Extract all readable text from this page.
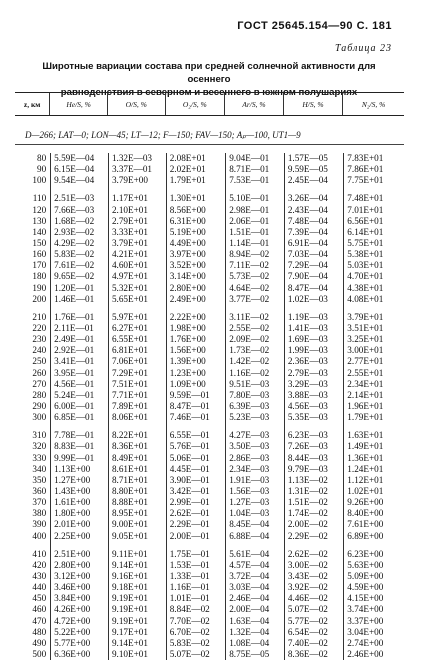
ГОСТ 25645.154—90 С. 181
Таблица 23
Широтные вариации состава при средней солнечной активности для осеннего
равноденствия в северном и весеннего в южном полушариях
z, км	He/S, %	O/S, %	O₂/S, %	Ar/S, %	H/S, %	N₂/S, %
D—266; LAT—0; LON—45; LT—12; F—150; FAV—150; Aₚ—100, UT1—9
80	5.59E—04	1.32E—03	2.08E+01	9.04E—01	1.57E—05	7.83E+01
90	6.15E—04	3.37E—01	2.02E+01	8.71E—01	9.59E—05	7.86E+01
100	9.54E—04	3.79E+00	1.79E+01	7.53E—01	2.45E—04	7.75E+01

110	2.51E—03	1.17E+01	1.30E+01	5.10E—01	3.26E—04	7.48E+01
120	7.66E—03	2.10E+01	8.56E+00	2.98E—01	2.43E—04	7.01E+01
130	1.68E—02	2.79E+01	6.31E+00	2.06E—01	7.48E—04	6.56E+01
140	2.93E—02	3.33E+01	5.19E+00	1.51E—01	7.39E—04	6.14E+01
150	4.29E—02	3.79E+01	4.49E+00	1.14E—01	6.91E—04	5.75E+01
160	5.83E—02	4.21E+01	3.97E+00	8.94E—02	7.03E—04	5.38E+01
170	7.61E—02	4.60E+01	3.52E+00	7.11E—02	7.29E—04	5.03E+01
180	9.65E—02	4.97E+01	3.14E+00	5.73E—02	7.90E—04	4.70E+01
190	1.20E—01	5.32E+01	2.80E+00	4.64E—02	8.47E—04	4.38E+01
200	1.46E—01	5.65E+01	2.49E+00	3.77E—02	1.02E—03	4.08E+01

210	1.76E—01	5.97E+01	2.22E+00	3.11E—02	1.19E—03	3.79E+01
220	2.11E—01	6.27E+01	1.98E+00	2.55E—02	1.41E—03	3.51E+01
230	2.49E—01	6.55E+01	1.76E+00	2.09E—02	1.69E—03	3.25E+01
240	2.92E—01	6.81E+01	1.56E+00	1.73E—02	1.99E—03	3.00E+01
250	3.41E—01	7.06E+01	1.39E+00	1.42E—02	2.36E—03	2.77E+01
260	3.95E—01	7.29E+01	1.23E+00	1.16E—02	2.79E—03	2.55E+01
270	4.56E—01	7.51E+01	1.09E+00	9.51E—03	3.29E—03	2.34E+01
280	5.24E—01	7.71E+01	9.59E—01	7.80E—03	3.88E—03	2.14E+01
290	6.00E—01	7.89E+01	8.47E—01	6.39E—03	4.56E—03	1.96E+01
300	6.85E—01	8.06E+01	7.46E—01	5.23E—03	5.35E—03	1.79E+01

310	7.78E—01	8.22E+01	6.55E—01	4.27E—03	6.23E—03	1.63E+01
320	8.83E—01	8.36E+01	5.76E—01	3.50E—03	7.26E—03	1.49E+01
330	9.99E—01	8.49E+01	5.06E—01	2.86E—03	8.44E—03	1.36E+01
340	1.13E+00	8.61E+01	4.45E—01	2.34E—03	9.79E—03	1.24E+01
350	1.27E+00	8.71E+01	3.90E—01	1.91E—03	1.13E—02	1.12E+01
360	1.43E+00	8.80E+01	3.42E—01	1.56E—03	1.31E—02	1.02E+01
370	1.61E+00	8.88E+01	2.99E—01	1.27E—03	1.51E—02	9.26E+00
380	1.80E+00	8.95E+01	2.62E—01	1.04E—03	1.74E—02	8.40E+00
390	2.01E+00	9.00E+01	2.29E—01	8.45E—04	2.00E—02	7.61E+00
400	2.25E+00	9.05E+01	2.00E—01	6.88E—04	2.29E—02	6.89E+00

410	2.51E+00	9.11E+01	1.75E—01	5.61E—04	2.62E—02	6.23E+00
420	2.80E+00	9.14E+01	1.53E—01	4.57E—04	3.00E—02	5.63E+00
430	3.12E+00	9.16E+01	1.33E—01	3.72E—04	3.43E—02	5.09E+00
440	3.46E+00	9.18E+01	1.16E—01	3.03E—04	3.92E—02	4.59E+00
450	3.84E+00	9.19E+01	1.01E—01	2.46E—04	4.46E—02	4.15E+00
460	4.26E+00	9.19E+01	8.84E—02	2.00E—04	5.07E—02	3.74E+00
470	4.72E+00	9.19E+01	7.70E—02	1.63E—04	5.77E—02	3.37E+00
480	5.22E+00	9.17E+01	6.70E—02	1.32E—04	6.54E—02	3.04E+00
490	5.77E+00	9.14E+01	5.83E—02	1.08E—04	7.40E—02	2.74E+00
500	6.36E+00	9.10E+01	5.07E—02	8.75E—05	8.36E—02	2.46E+00
